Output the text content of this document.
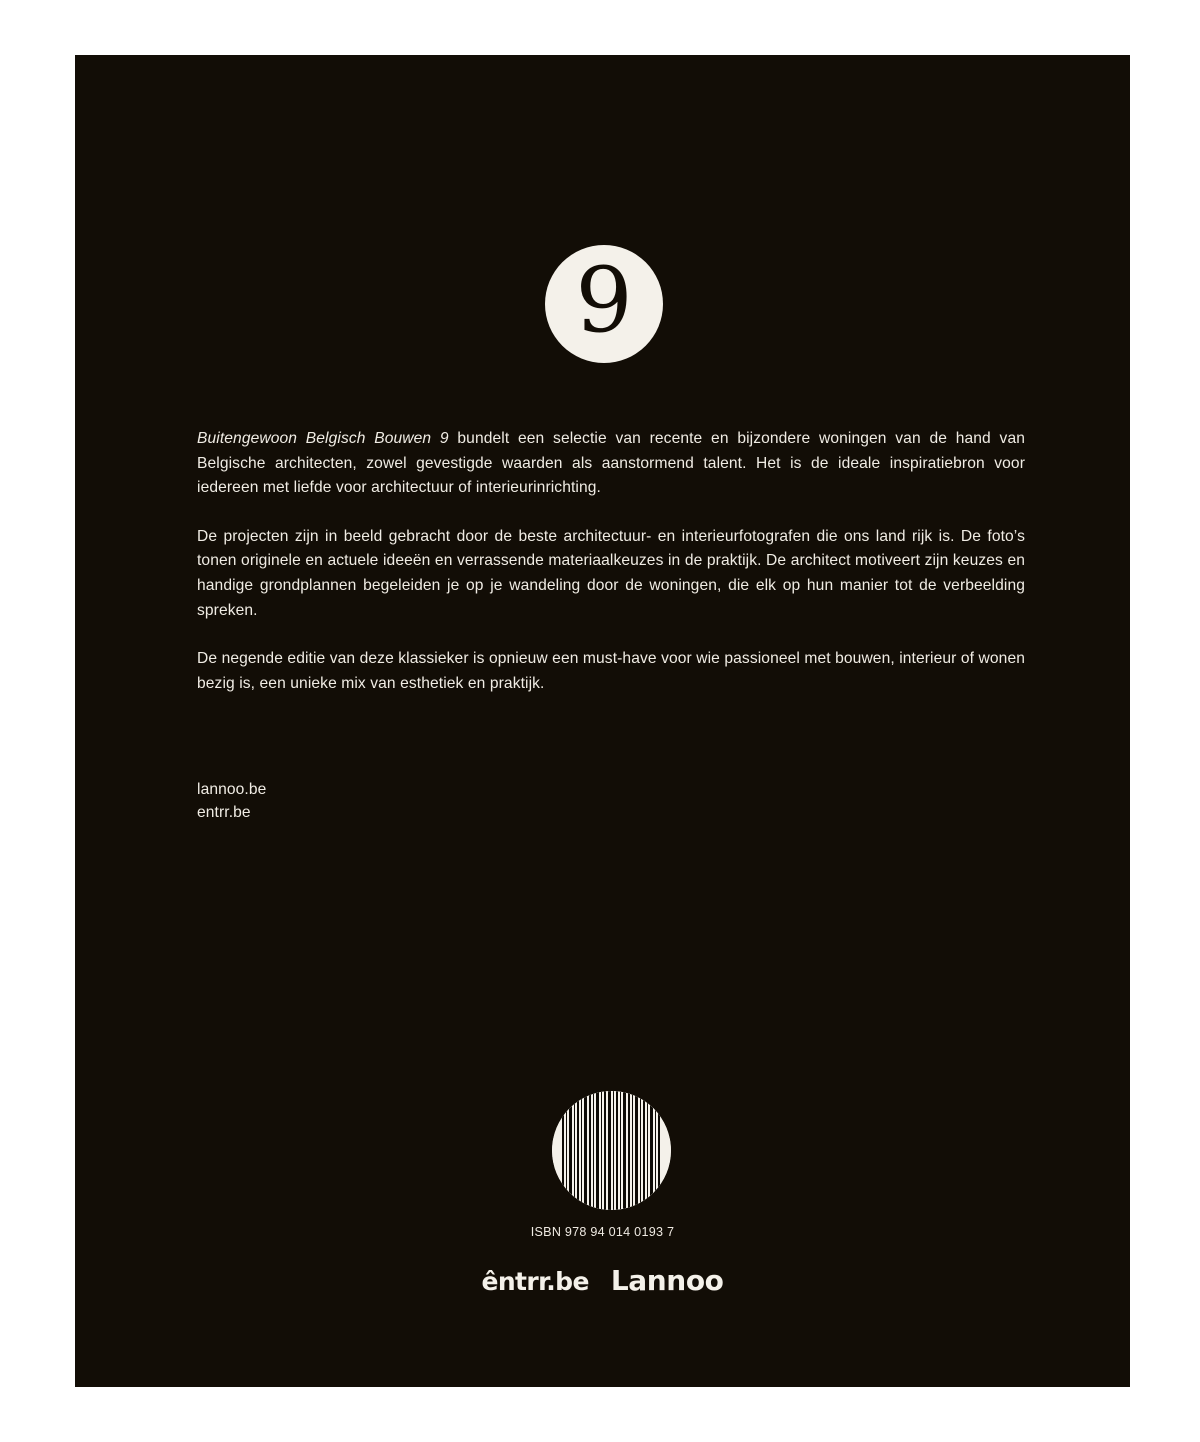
9

Buitengewoon Belgisch Bouwen 9 bundelt een selectie van recente en bijzondere woningen van de hand van Belgische architecten, zowel gevestigde waarden als aanstormend talent. Het is de ideale inspiratiebron voor iedereen met liefde voor architectuur of interieurinrichting.

De projecten zijn in beeld gebracht door de beste architectuur- en interieurfotografen die ons land rijk is. De foto’s tonen originele en actuele ideeën en verrassende materiaalkeuzes in de praktijk. De architect motiveert zijn keuzes en handige grondplannen begeleiden je op je wandeling door de woningen, die elk op hun manier tot de verbeelding spreken.

De negende editie van deze klassieker is opnieuw een must-have voor wie passioneel met bouwen, interieur of wonen bezig is, een unieke mix van esthetiek en praktijk.

lannoo.be
entrr.be
ISBN 978 94 014 0193 7
êntrr.be Lannoo
